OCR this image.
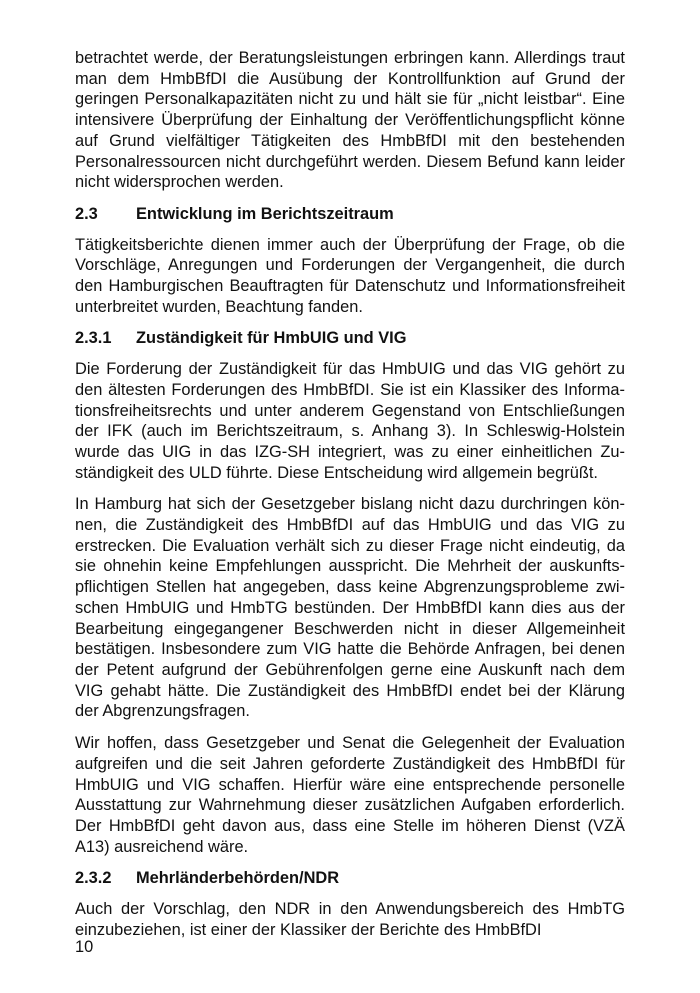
betrachtet werde, der Beratungsleistungen erbringen kann. Allerdings traut man dem HmbBfDI die Ausübung der Kontrollfunktion auf Grund der geringen Personalkapazitäten nicht zu und hält sie für „nicht leistbar“. Eine intensivere Überprüfung der Einhaltung der Veröffentlichungspflicht könne auf Grund vielfältiger Tätigkeiten des HmbBfDI mit den bestehenden Personalressourcen nicht durchgeführt werden. Diesem Befund kann leider nicht widersprochen werden.

2.3	Entwicklung im Berichtszeitraum

Tätigkeitsberichte dienen immer auch der Überprüfung der Frage, ob die Vorschläge, Anregungen und Forderungen der Vergangenheit, die durch den Hamburgischen Beauftragten für Datenschutz und Informationsfreiheit unterbreitet wurden, Beachtung fanden.

2.3.1	Zuständigkeit für HmbUIG und VIG

Die Forderung der Zuständigkeit für das HmbUIG und das VIG gehört zu den ältesten Forderungen des HmbBfDI. Sie ist ein Klassiker des Informationsfreiheitsrechts und unter anderem Gegenstand von Entschließungen der IFK (auch im Berichtszeitraum, s. Anhang 3). In Schleswig-Holstein wurde das UIG in das IZG-SH integriert, was zu einer einheitlichen Zuständigkeit des ULD führte. Diese Entscheidung wird allgemein begrüßt.

In Hamburg hat sich der Gesetzgeber bislang nicht dazu durchringen können, die Zuständigkeit des HmbBfDI auf das HmbUIG und das VIG zu erstrecken. Die Evaluation verhält sich zu dieser Frage nicht eindeutig, da sie ohnehin keine Empfehlungen ausspricht. Die Mehrheit der auskunftspflichtigen Stellen hat angegeben, dass keine Abgrenzungsprobleme zwischen HmbUIG und HmbTG bestünden. Der HmbBfDI kann dies aus der Bearbeitung eingegangener Beschwerden nicht in dieser Allgemeinheit bestätigen. Insbesondere zum VIG hatte die Behörde Anfragen, bei denen der Petent aufgrund der Gebührenfolgen gerne eine Auskunft nach dem VIG gehabt hätte. Die Zuständigkeit des HmbBfDI endet bei der Klärung der Abgrenzungsfragen.

Wir hoffen, dass Gesetzgeber und Senat die Gelegenheit der Evaluation aufgreifen und die seit Jahren geforderte Zuständigkeit des HmbBfDI für HmbUIG und VIG schaffen. Hierfür wäre eine entsprechende personelle Ausstattung zur Wahrnehmung dieser zusätzlichen Aufgaben erforderlich. Der HmbBfDI geht davon aus, dass eine Stelle im höheren Dienst (VZÄ A13) ausreichend wäre.

2.3.2	Mehrländerbehörden/NDR

Auch der Vorschlag, den NDR in den Anwendungsbereich des HmbTG einzubeziehen, ist einer der Klassiker der Berichte des HmbBfDI

10
